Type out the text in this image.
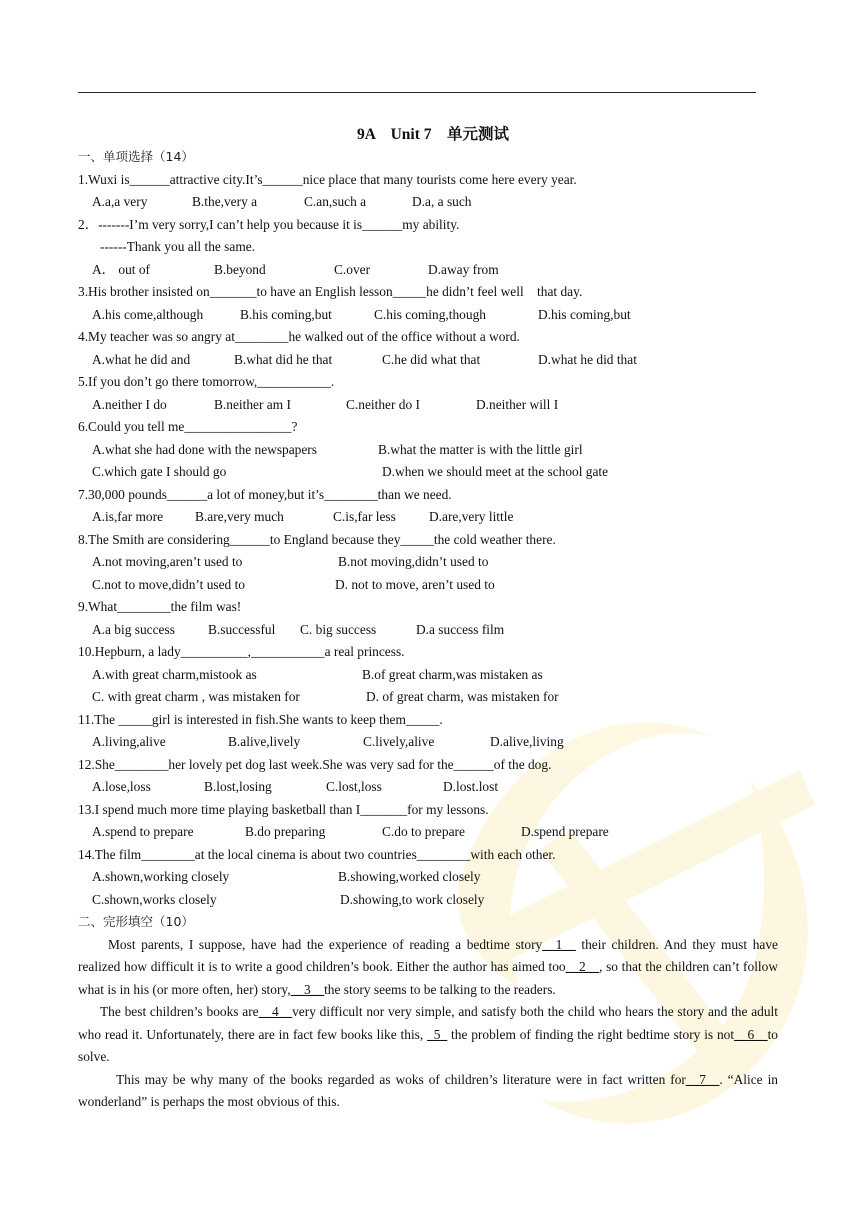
9A　Unit 7　单元测试
一、单项选择（14）
1.Wuxi is______attractive city.It’s______nice place that many tourists come here every year.
A.a,a very	B.the,very a	C.an,such a	D.a, a such
2．-------I’m very sorry,I can’t help you because it is______my ability.
------Thank you all the same.
A． out of	B.beyond	C.over	D.away from
3.His brother insisted on_______to have an English lesson_____he didn’t feel well　that day.
A.his come,although	B.his coming,but	C.his coming,though	D.his coming,but
4.My teacher was so angry at________he walked out of the office without a word.
A.what he did and	B.what did he that	C.he did what that	D.what he did that
5.If you don’t go there tomorrow,___________.
A.neither I do	B.neither am I	C.neither do I	D.neither will I
6.Could you tell me________________?
A.what she had done with the newspapers	B.what the matter is with the little girl
C.which gate I should go	D.when we should meet at the school gate
7.30,000 pounds______a lot of money,but it’s________than we need.
A.is,far more B.are,very much	C.is,far less D.are,very little
8.The Smith are considering______to England because they_____the cold weather there.
A.not moving,aren’t used to	B.not moving,didn’t used to
C.not to move,didn’t used to	D. not to move, aren’t used to
9.What________the film was!
A.a big success B.successful C. big success	D.a success film
10.Hepburn, a lady__________,___________a real princess.
A.with great charm,mistook as	B.of great charm,was mistaken as
C. with great charm , was mistaken for	D. of great charm, was mistaken for
11.The _____girl is interested in fish.She wants to keep them_____.
A.living,alive	B.alive,lively	C.lively,alive	D.alive,living
12.She________her lovely pet dog last week.She was very sad for the______of the dog.
A.lose,loss	B.lost,losing	C.lost,loss	D.lost.lost
13.I spend much more time playing basketball than I_______for my lessons.
A.spend to prepare	B.do preparing	C.do to prepare	D.spend prepare
14.The film________at the local cinema is about two countries________with each other.
A.shown,working closely	B.showing,worked closely
C.shown,works closely	D.showing,to work closely
二、完形填空（10）
Most parents, I suppose, have had the experience of reading a bedtime story__1__ their children. And they must have realized how difficult it is to write a good children’s book. Either the author has aimed too__2__, so that the children can’t follow what is in his (or more often, her) story,__3__the story seems to be talking to the readers.
The best children’s books are__4__very difficult nor very simple, and satisfy both the child who hears the story and the adult who read it. Unfortunately, there are in fact few books like this, _5_ the problem of finding the right bedtime story is not__6__to solve.
This may be why many of the books regarded as woks of children’s literature were in fact written for__7__. “Alice in wonderland” is perhaps the most obvious of this.
